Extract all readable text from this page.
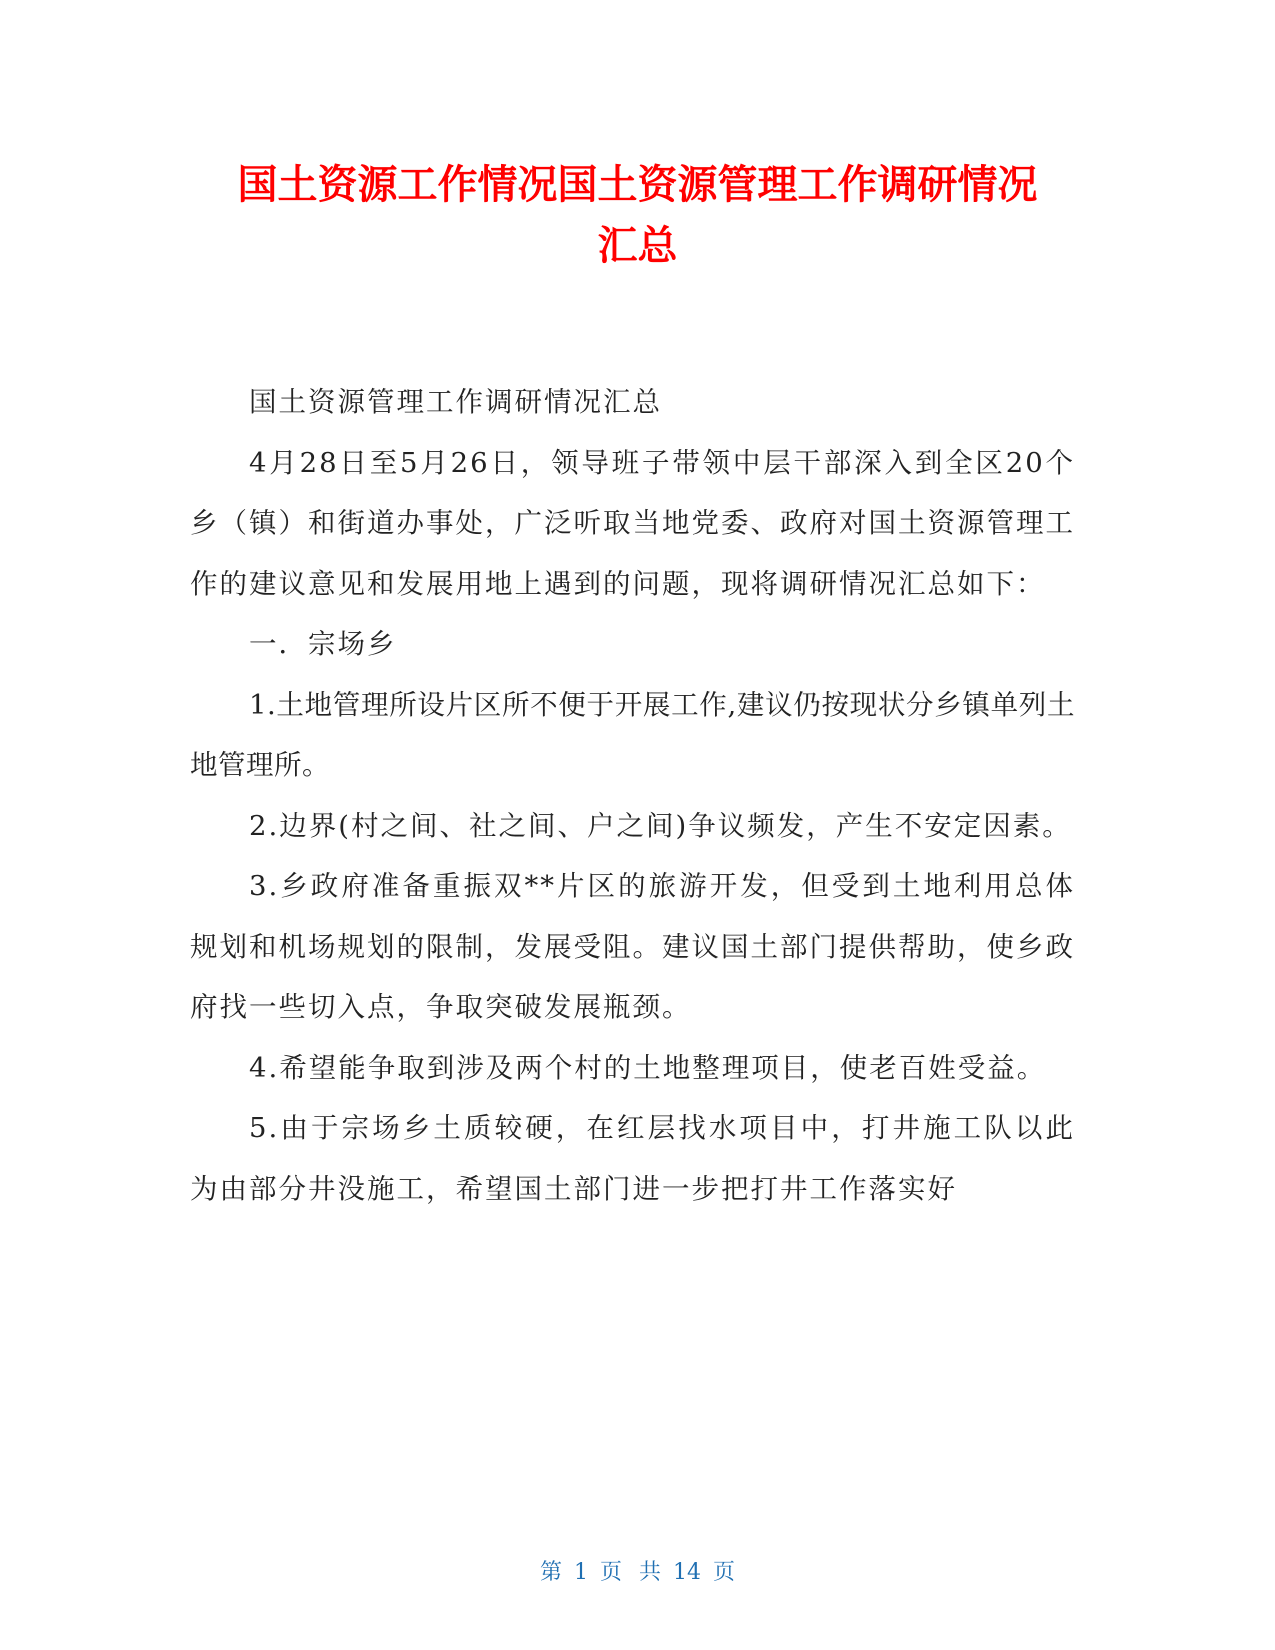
国土资源工作情况国土资源管理工作调研情况
汇总

国土资源管理工作调研情况汇总

4月28日至5月26日，领导班子带领中层干部深入到全区20个乡（镇）和街道办事处，广泛听取当地党委、政府对国土资源管理工作的建议意见和发展用地上遇到的问题，现将调研情况汇总如下：

一．宗场乡

1.土地管理所设片区所不便于开展工作,建议仍按现状分乡镇单列土地管理所。

2.边界(村之间、社之间、户之间)争议频发，产生不安定因素。

3.乡政府准备重振双**片区的旅游开发，但受到土地利用总体规划和机场规划的限制，发展受阻。建议国土部门提供帮助，使乡政府找一些切入点，争取突破发展瓶颈。

4.希望能争取到涉及两个村的土地整理项目，使老百姓受益。

5.由于宗场乡土质较硬，在红层找水项目中，打井施工队以此为由部分井没施工，希望国土部门进一步把打井工作落实好

第 1 页 共 14 页
